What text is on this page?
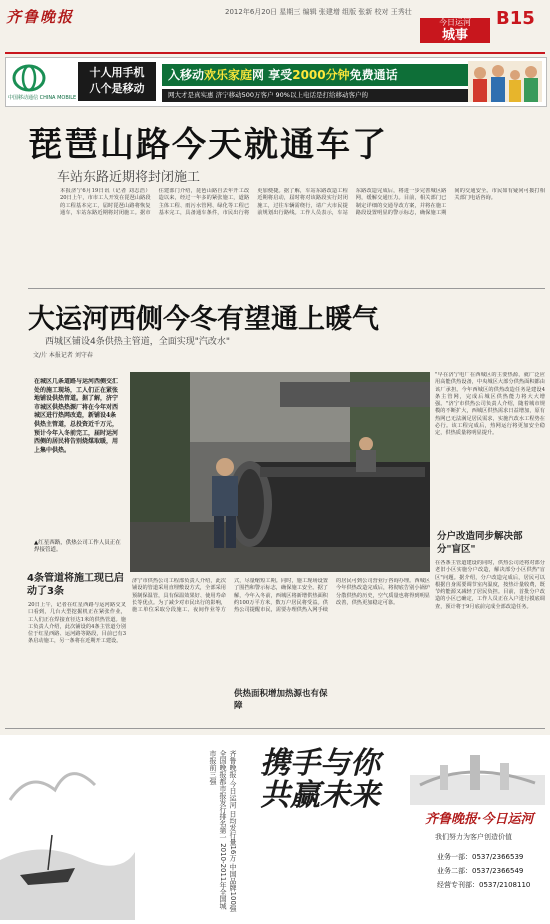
齐鲁晚报	2012年6月20日 星期三 编辑 张建增 组版 张新 校对 王秀壮
今日运河
城事
B15
中国移动通信 CHINA MOBILE
十人用手机
八个是移动
入移动欢乐家庭网 享受2000分钟免费通话
网大才是真实惠 济宁移动500万客户 90%以上电话是打给移动客户的
琵琶山路今天就通车了
车站东路近期将封闭施工
本报济宁6月19日讯（记者 刘志浩）20日上午，市市工人开发在琵琶山路段的工程基本完工，届时琵琶山路将恢复通车，车站东路近期将封闭施工。据市住建部门介绍，琵琶山路自去年开工改造以来，经过一年多的紧张施工，道路主体工程、雨污水管网、绿化等工程已基本完工，具备通车条件，市民出行将更加便捷。据了解，车站东路改造工程近期将启动，届时将对该路段实行封闭施工，过往车辆需绕行，请广大市民提前规划出行路线。工作人员表示，车站东路改造完成后，将进一步完善城区路网，缓解交通压力。目前，相关部门已制定详细的交通导改方案，并将在施工路段设置明显的警示标志，确保施工期间的交通安全。市民如有疑问可拨打相关部门电话咨询。
大运河西侧今冬有望通上暖气
西城区铺设4条供热主管道，全面实现"汽改水"
文/片 本报记者 刘守春
在城区几条道路与运河西侧交汇处的施工现场，工人们正在紧张地铺设供热管道。据了解，济宁市城区供热热源厂将在今年对西城区进行热网改造，新铺设4条供热主管道，总投资近千万元，预计今年入冬前完工，届时运河西侧的居民将告别烧煤取暖，用上集中供热。
▲红星西路，供热公司工作人员正在焊接管道。
"早在济宁电厂在西城区的主要热源，就广泛应用高能供热设备，中央城区大部分供热面积都由该厂承担。今年西城区的供热改造任务是建设4条主管网，完成后城区供热能力将大大增强。"济宁市供热公司负责人介绍，随着城市规模的不断扩大，西城区供热需求日益增加，原有热网已无法满足居民需求，实施汽改水工程势在必行。该工程完成后，热网运行将更加安全稳定，供热质量将明显提升。
分户改造同步解决部分"盲区"
在各条主管道建设的同时，供热公司还将对部分老旧小区实施分户改造，解决部分小区供热"盲区"问题。据介绍，分户改造完成后，居民可以根据自身需要调节室内温度，按热计量收费，既节约能源又减轻了居民负担。目前，首批分户改造的小区已确定，工作人员正在入户进行摸底调查，预计将于9月底前完成全部改造任务。
4条管道将施工现已启动了3条
20日上午，记者在红星西路与运河路交叉口看到，几台大型挖掘机正在紧张作业，工人们正在焊接直径达1米的供热管道。施工负责人介绍，此次铺设的4条主管道分别位于红星西路、运河路等路段，目前已有3条启动施工，另一条将在近期开工建设。
济宁市供热公司工程部负责人介绍，此次铺设的管道采用直埋敷设方式，全部采用预制保温管，具有保温效果好、使用寿命长等优点。为了减少对市民出行的影响，施工单位采取分段施工、夜间作业等方式，尽量缩短工期。同时，施工现场设置了围挡和警示标志，确保施工安全。据了解，今年入冬前，西城区将新增供热面积约100万平方米，数万户居民将受益。供热公司提醒市民，需要办理供热入网手续的居民可到公司营业厅咨询办理。西城区今年供热改造完成后，将彻底告别小锅炉分散供热的历史，空气质量也将得到明显改善，供热更加稳定可靠。
供热面积增加热源也有保障
齐鲁晚报·今日运河 日均发行量16万 中国品牌100强 全国晚报都市报发行排名第一 2010-2011年全国城市报前三强	携手与你共赢未来
齐鲁晚报·今日运河
我们努力为客户创造价值
业务一部：0537/2366539
业务二部：0537/2366549
经营专刊部：0537/2108110
